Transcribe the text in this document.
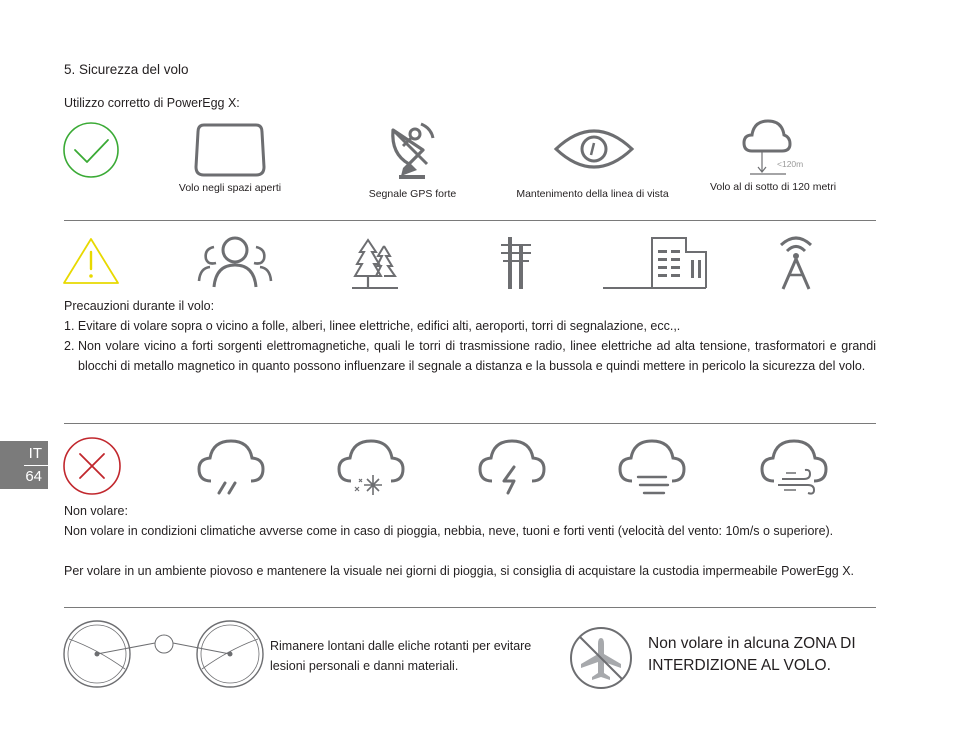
5. Sicurezza del volo
Utilizzo corretto di PowerEgg X:
Volo negli spazi aperti	Segnale GPS forte	Mantenimento della linea di vista
<120m
Volo al di sotto di 120 metri
Precauzioni durante il volo:
1. Evitare di volare sopra o vicino a folle, alberi, linee elettriche, edifici alti, aeroporti, torri di segnalazione, ecc.,.
2. Non volare vicino a forti sorgenti elettromagnetiche, quali le torri di trasmissione radio, linee elettriche ad alta tensione, trasformatori e grandi blocchi di metallo magnetico in quanto possono influenzare il segnale a distanza e la bussola e quindi mettere in pericolo la sicurezza del volo.
IT
64
Non volare:
Non volare in condizioni climatiche avverse come in caso di pioggia, nebbia, neve, tuoni e forti venti (velocità del vento: 10m/s o superiore).
Per volare in un ambiente piovoso e mantenere la visuale nei giorni di pioggia, si consiglia di acquistare la custodia impermeabile PowerEgg X.
Rimanere lontani dalle eliche rotanti per evitare lesioni personali e danni materiali.
Non volare in alcuna ZONA DI INTERDIZIONE AL VOLO.
